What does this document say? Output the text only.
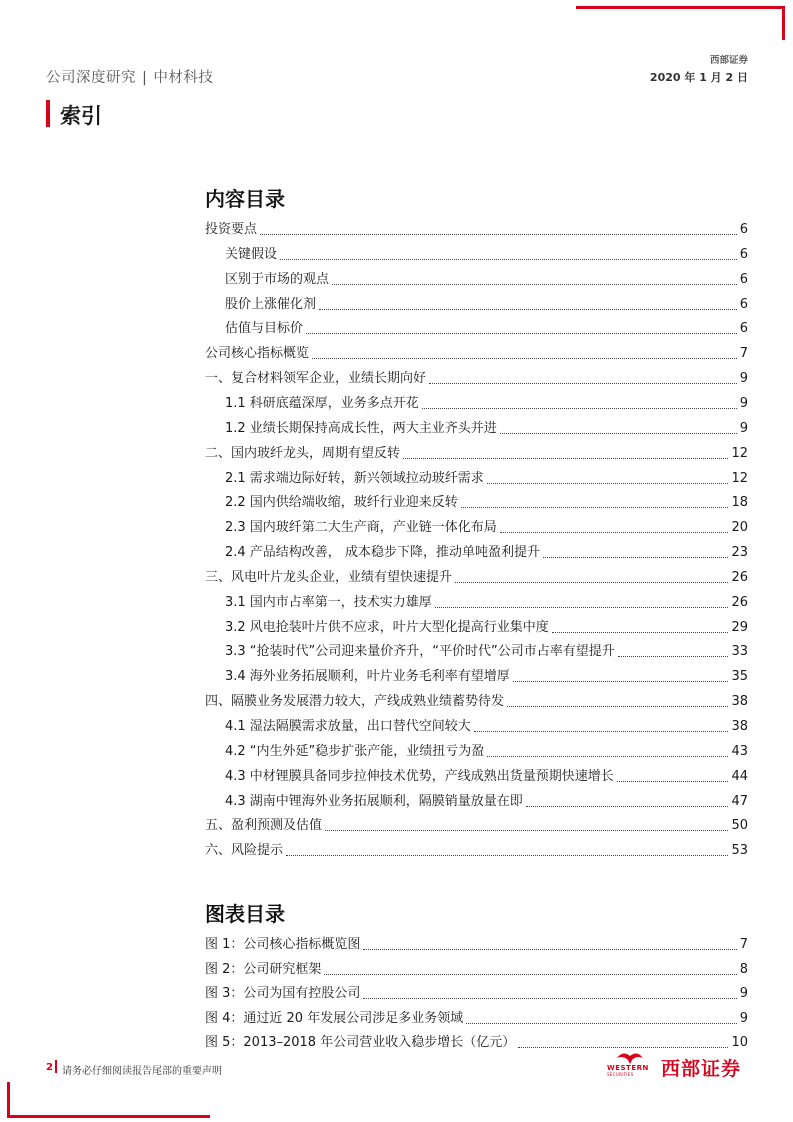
公司深度研究 | 中材科技
西部证券
2020 年 1 月 2 日
索引
内容目录
投资要点	6
关键假设	6
区别于市场的观点	6
股价上涨催化剂	6
估值与目标价	6
公司核心指标概览	7
一、复合材料领军企业，业绩长期向好	9
1.1 科研底蕴深厚，业务多点开花	9
1.2 业绩长期保持高成长性，两大主业齐头并进	9
二、国内玻纤龙头，周期有望反转	12
2.1 需求端边际好转，新兴领域拉动玻纤需求	12
2.2 国内供给端收缩，玻纤行业迎来反转	18
2.3 国内玻纤第二大生产商，产业链一体化布局	20
2.4 产品结构改善， 成本稳步下降，推动单吨盈利提升	23
三、风电叶片龙头企业，业绩有望快速提升	26
3.1 国内市占率第一，技术实力雄厚	26
3.2 风电抢装叶片供不应求，叶片大型化提高行业集中度	29
3.3 “抢装时代”公司迎来量价齐升，“平价时代”公司市占率有望提升	33
3.4 海外业务拓展顺利，叶片业务毛利率有望增厚	35
四、隔膜业务发展潜力较大，产线成熟业绩蓄势待发	38
4.1 湿法隔膜需求放量，出口替代空间较大	38
4.2 “内生外延”稳步扩张产能，业绩扭亏为盈	43
4.3 中材锂膜具备同步拉伸技术优势，产线成熟出货量预期快速增长	44
4.3 湖南中锂海外业务拓展顺利，隔膜销量放量在即	47
五、盈利预测及估值	50
六、风险提示	53
图表目录
图 1：公司核心指标概览图	7
图 2：公司研究框架	8
图 3：公司为国有控股公司	9
图 4：通过近 20 年发展公司涉足多业务领域	9
图 5：2013–2018 年公司营业收入稳步增长（亿元）	10
2 请务必仔细阅读报告尾部的重要声明	WESTERN
SECURITIES 西部证券
